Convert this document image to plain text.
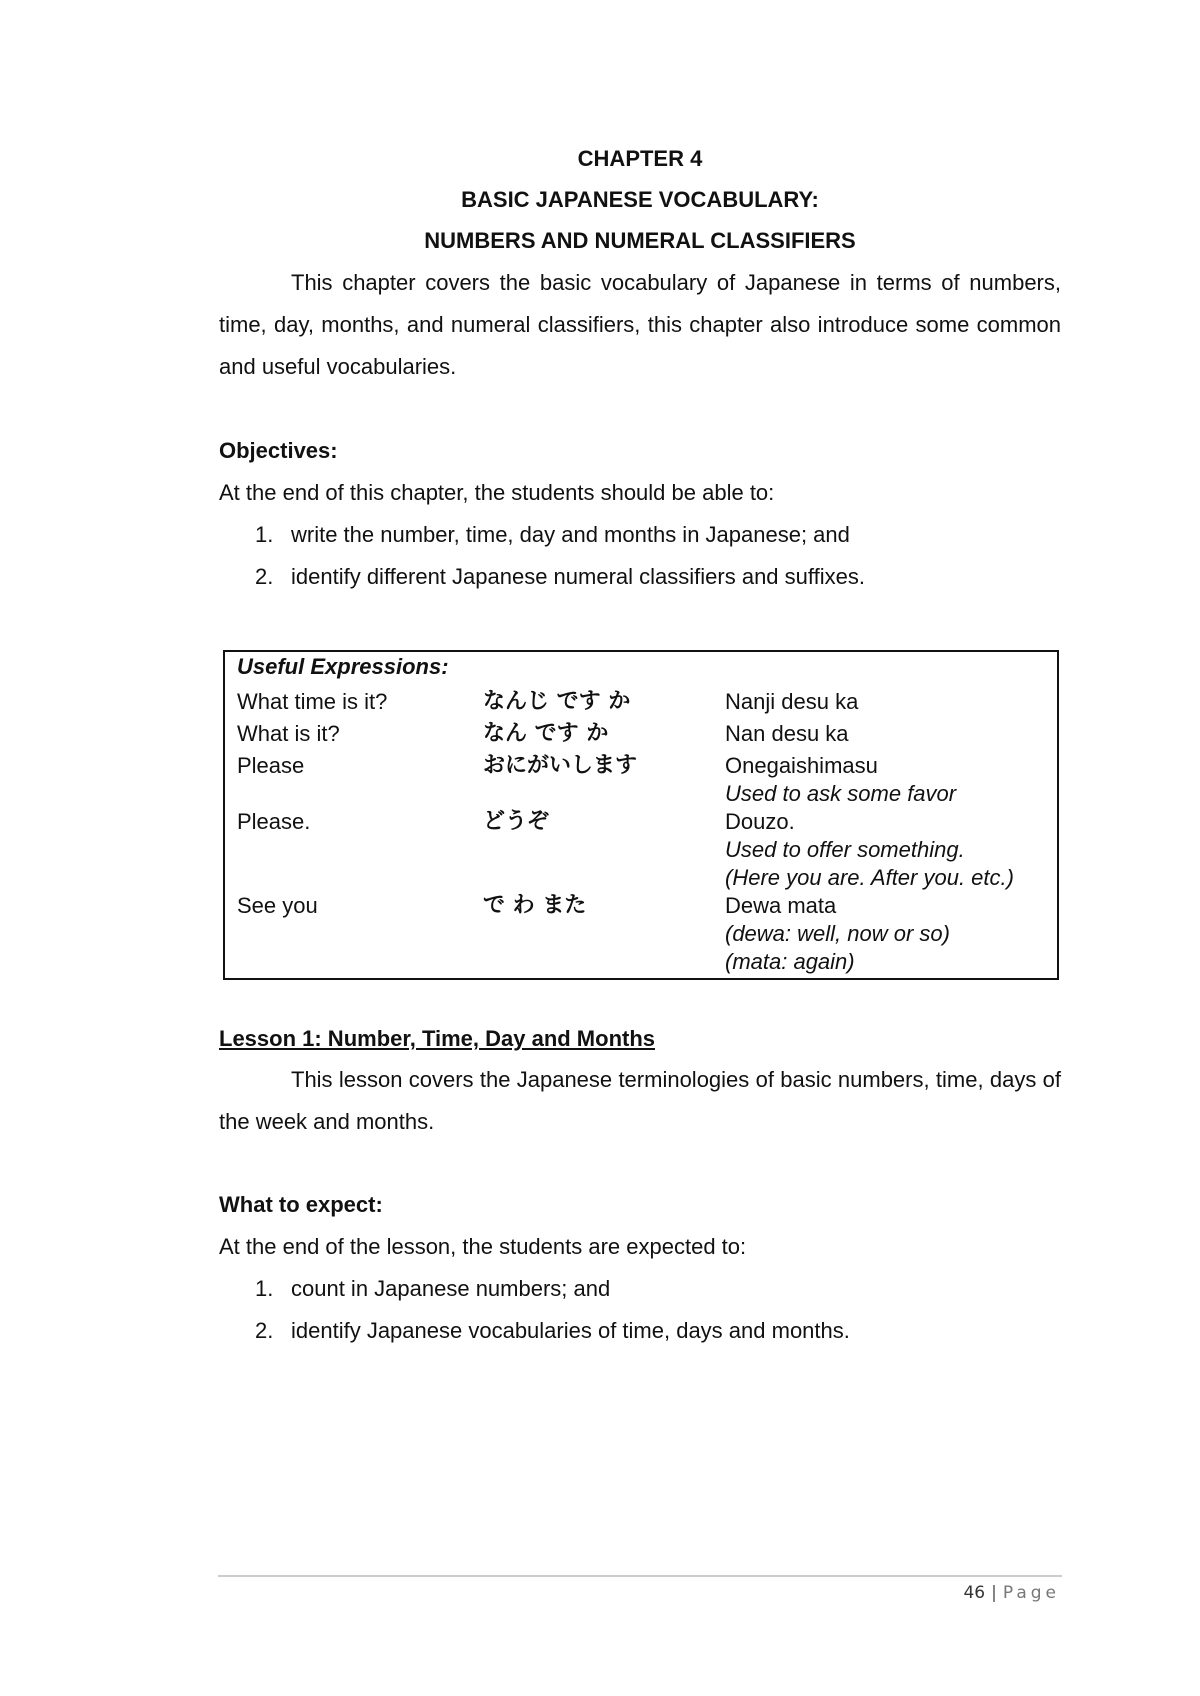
CHAPTER 4
BASIC JAPANESE VOCABULARY:
NUMBERS AND NUMERAL CLASSIFIERS
This chapter covers the basic vocabulary of Japanese in terms of numbers, time, day, months, and numeral classifiers, this chapter also introduce some common and useful vocabularies.
Objectives:
At the end of this chapter, the students should be able to:
1. write the number, time, day and months in Japanese; and
2. identify different Japanese numeral classifiers and suffixes.
Useful Expressions:
What time is it?	なんじ です か	Nanji desu ka
What is it?	なん です か	Nan desu ka
Please	おにがいします	Onegaishimasu
Used to ask some favor
Please.	どうぞ	Douzo.
Used to offer something.
(Here you are. After you. etc.)
See you	で わ また	Dewa mata
(dewa: well, now or so)
(mata: again)
Lesson 1: Number, Time, Day and Months
This lesson covers the Japanese terminologies of basic numbers, time, days of the week and months.
What to expect:
At the end of the lesson, the students are expected to:
1. count in Japanese numbers; and
2. identify Japanese vocabularies of time, days and months.
46 | Page
